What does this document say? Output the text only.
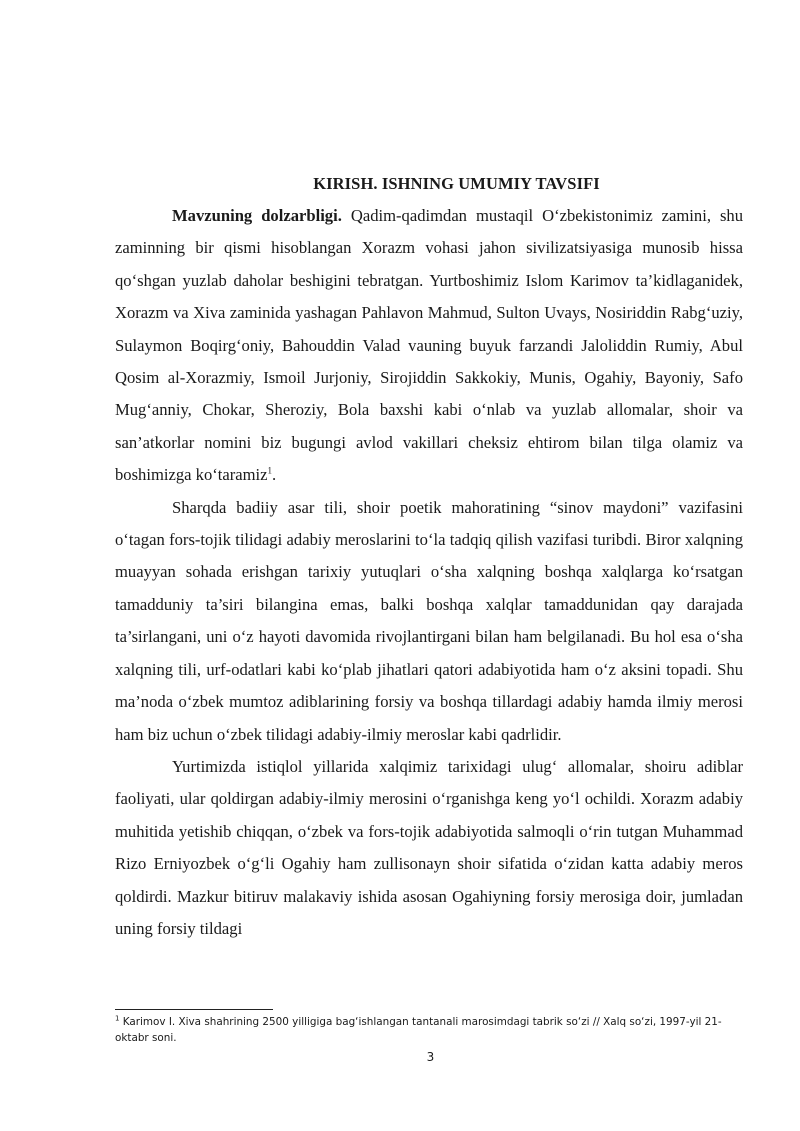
KIRISH. ISHNING UMUMIY TAVSIFI

Mavzuning dolzarbligi. Qadim-qadimdan mustaqil O‘zbekistonimiz zamini, shu zaminning bir qismi hisoblangan Xorazm vohasi jahon sivilizatsiyasiga munosib hissa qo‘shgan yuzlab daholar beshigini tebratgan. Yurtboshimiz Islom Karimov ta’kidlaganidek, Xorazm va Xiva zaminida yashagan Pahlavon Mahmud, Sulton Uvays, Nosiriddin Rabg‘uziy, Sulaymon Boqirg‘oniy, Bahouddin Valad vauning buyuk farzandi Jaloliddin Rumiy, Abul Qosim al-Xorazmiy, Ismoil Jurjoniy, Sirojiddin Sakkokiy, Munis, Ogahiy, Bayoniy, Safo Mug‘anniy, Chokar, Sheroziy, Bola baxshi kabi o‘nlab va yuzlab allomalar, shoir va san’atkorlar nomini biz bugungi avlod vakillari cheksiz ehtirom bilan tilga olamiz va boshimizga ko‘taramiz$^1$.

Sharqda badiiy asar tili, shoir poetik mahoratining “sinov maydoni” vazifasini o‘tagan fors-tojik tilidagi adabiy meroslarini to‘la tadqiq qilish vazifasi turibdi. Biror xalqning muayyan sohada erishgan tarixiy yutuqlari o‘sha xalqning boshqa xalqlarga ko‘rsatgan tamadduniy ta’siri bilangina emas, balki boshqa xalqlar tamaddunidan qay darajada ta’sirlangani, uni o‘z hayoti davomida rivojlantirgani bilan ham belgilanadi. Bu hol esa o‘sha xalqning tili, urf-odatlari kabi ko‘plab jihatlari qatori adabiyotida ham o‘z aksini topadi. Shu ma’noda o‘zbek mumtoz adiblarining forsiy va boshqa tillardagi adabiy hamda ilmiy merosi ham biz uchun o‘zbek tilidagi adabiy-ilmiy meroslar kabi qadrlidir.

Yurtimizda istiqlol yillarida xalqimiz tarixidagi ulug‘ allomalar, shoiru adiblar faoliyati, ular qoldirgan adabiy-ilmiy merosini o‘rganishga keng yo‘l ochildi. Xorazm adabiy muhitida yetishib chiqqan, o‘zbek va fors-tojik adabiyotida salmoqli o‘rin tutgan Muhammad Rizo Erniyozbek o‘g‘li Ogahiy ham zullisonayn shoir sifatida o‘zidan katta adabiy meros qoldirdi. Mazkur bitiruv malakaviy ishida asosan Ogahiyning forsiy merosiga doir, jumladan uning forsiy tildagi

$^1$ Karimov I. Xiva shahrining 2500 yilligiga bag‘ishlangan tantanali marosimdagi tabrik so‘zi // Xalq so‘zi, 1997-yil 21-oktabr soni.
3
